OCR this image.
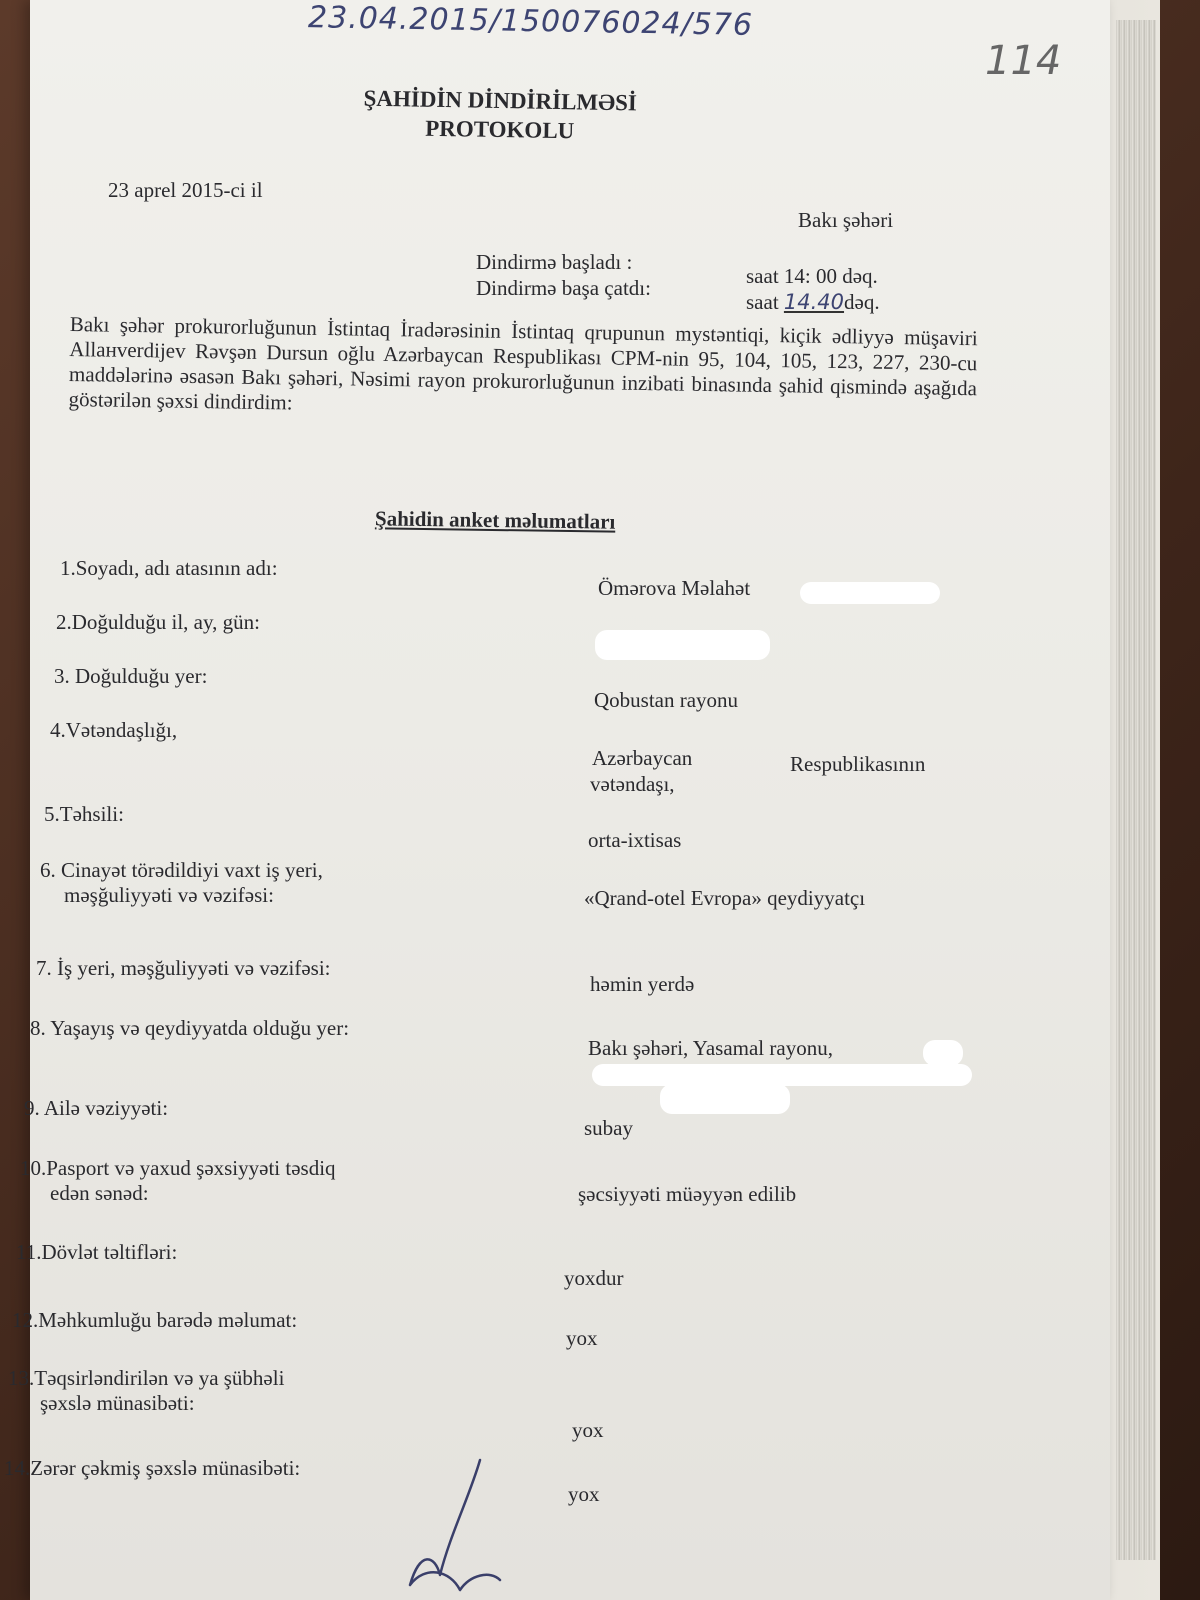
23.04.2015/150076024/576
114
ŞAHİDİN DİNDİRİLMƏSİ
PROTOKOLU
23 aprel 2015-ci il
Bakı şəhəri
Dindirmə başladı :
saat 14: 00 dəq.
Dindirmə başa çatdı:
saat 14.40dəq.
Bakı şəhər prokurorluğunun İstintaq İradərəsinin İstintaq qrupunun mystəntiqi, kiçik ədliyyə müşaviri Allaнverdijev Rəvşən Dursun oğlu Azərbaycan Respublikası CPM-nin 95, 104, 105, 123, 227, 230-cu maddələrinə əsasən Bakı şəhəri, Nəsimi rayon prokurorluğunun inzibati binasında şahid qismində aşağıda göstərilən şəxsi dindirdim:
Şahidin anket məlumatları
1.Soyadı, adı atasının adı:
Ömərova Məlahət
2.Doğulduğu il, ay, gün:
3. Doğulduğu yer:
Qobustan rayonu
4.Vətəndaşlığı,
Azərbaycan	Respublikasının
vətəndaşı,
5.Təhsili:
orta-ixtisas
6. Cinayət törədildiyi vaxt iş yeri,
məşğuliyyəti və vəzifəsi:	«Qrand-otel Evropa» qeydiyyatçı
7. İş yeri, məşğuliyyəti və vəzifəsi:
həmin yerdə
8. Yaşayış və qeydiyyatda olduğu yer:
Bakı şəhəri, Yasamal rayonu,
9. Ailə vəziyyəti:
subay
10.Pasport və yaxud şəxsiyyəti təsdiq
edən sənəd:	şəcsiyyəti müəyyən edilib
11.Dövlət təltifləri:
yoxdur
12.Məhkumluğu barədə məlumat:
yox
13.Təqsirləndirilən və ya şübhəli
şəxslə münasibəti:
yox
14.Zərər çəkmiş şəxslə münasibəti:
yox
